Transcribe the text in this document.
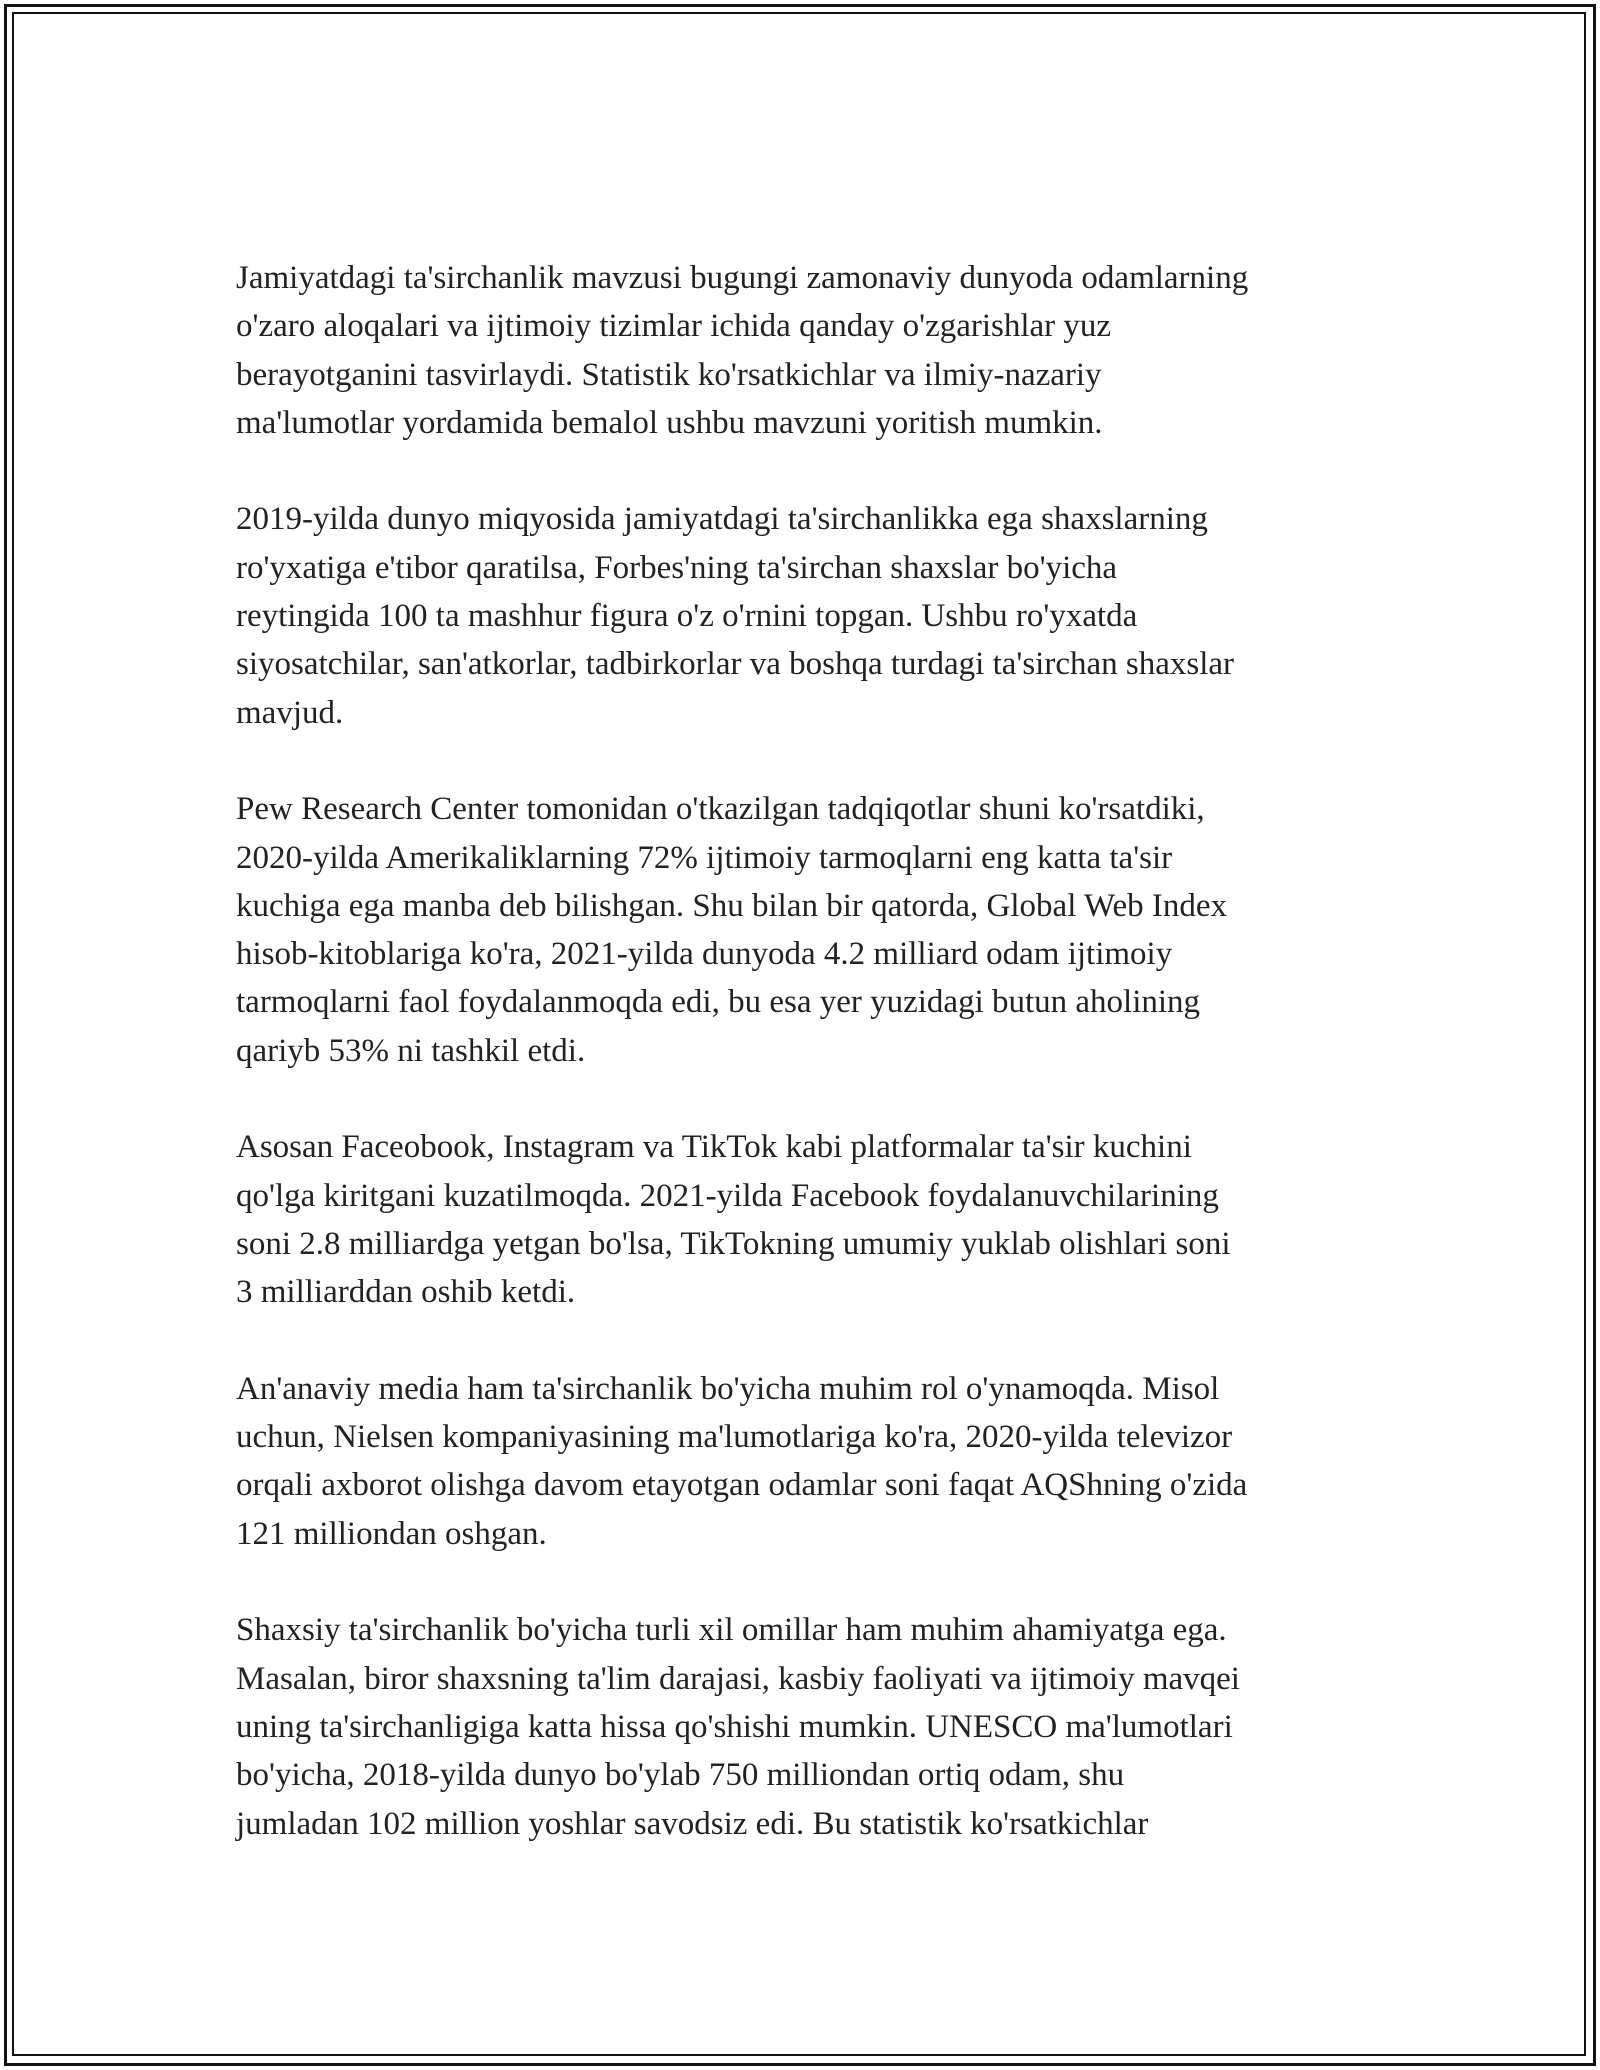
Jamiyatdagi ta'sirchanlik mavzusi bugungi zamonaviy dunyoda odamlarning
o'zaro aloqalari va ijtimoiy tizimlar ichida qanday o'zgarishlar yuz
berayotganini tasvirlaydi. Statistik ko'rsatkichlar va ilmiy-nazariy
ma'lumotlar yordamida bemalol ushbu mavzuni yoritish mumkin.

2019-yilda dunyo miqyosida jamiyatdagi ta'sirchanlikka ega shaxslarning
ro'yxatiga e'tibor qaratilsa, Forbes'ning ta'sirchan shaxslar bo'yicha
reytingida 100 ta mashhur figura o'z o'rnini topgan. Ushbu ro'yxatda
siyosatchilar, san'atkorlar, tadbirkorlar va boshqa turdagi ta'sirchan shaxslar
mavjud.

Pew Research Center tomonidan o'tkazilgan tadqiqotlar shuni ko'rsatdiki,
2020-yilda Amerikaliklarning 72% ijtimoiy tarmoqlarni eng katta ta'sir
kuchiga ega manba deb bilishgan. Shu bilan bir qatorda, Global Web Index
hisob-kitoblariga ko'ra, 2021-yilda dunyoda 4.2 milliard odam ijtimoiy
tarmoqlarni faol foydalanmoqda edi, bu esa yer yuzidagi butun aholining
qariyb 53% ni tashkil etdi.

Asosan Faceobook, Instagram va TikTok kabi platformalar ta'sir kuchini
qo'lga kiritgani kuzatilmoqda. 2021-yilda Facebook foydalanuvchilarining
soni 2.8 milliardga yetgan bo'lsa, TikTokning umumiy yuklab olishlari soni
3 milliarddan oshib ketdi.

An'anaviy media ham ta'sirchanlik bo'yicha muhim rol o'ynamoqda. Misol
uchun, Nielsen kompaniyasining ma'lumotlariga ko'ra, 2020-yilda televizor
orqali axborot olishga davom etayotgan odamlar soni faqat AQShning o'zida
121 milliondan oshgan.

Shaxsiy ta'sirchanlik bo'yicha turli xil omillar ham muhim ahamiyatga ega.
Masalan, biror shaxsning ta'lim darajasi, kasbiy faoliyati va ijtimoiy mavqei
uning ta'sirchanligiga katta hissa qo'shishi mumkin. UNESCO ma'lumotlari
bo'yicha, 2018-yilda dunyo bo'ylab 750 milliondan ortiq odam, shu
jumladan 102 million yoshlar savodsiz edi. Bu statistik ko'rsatkichlar
